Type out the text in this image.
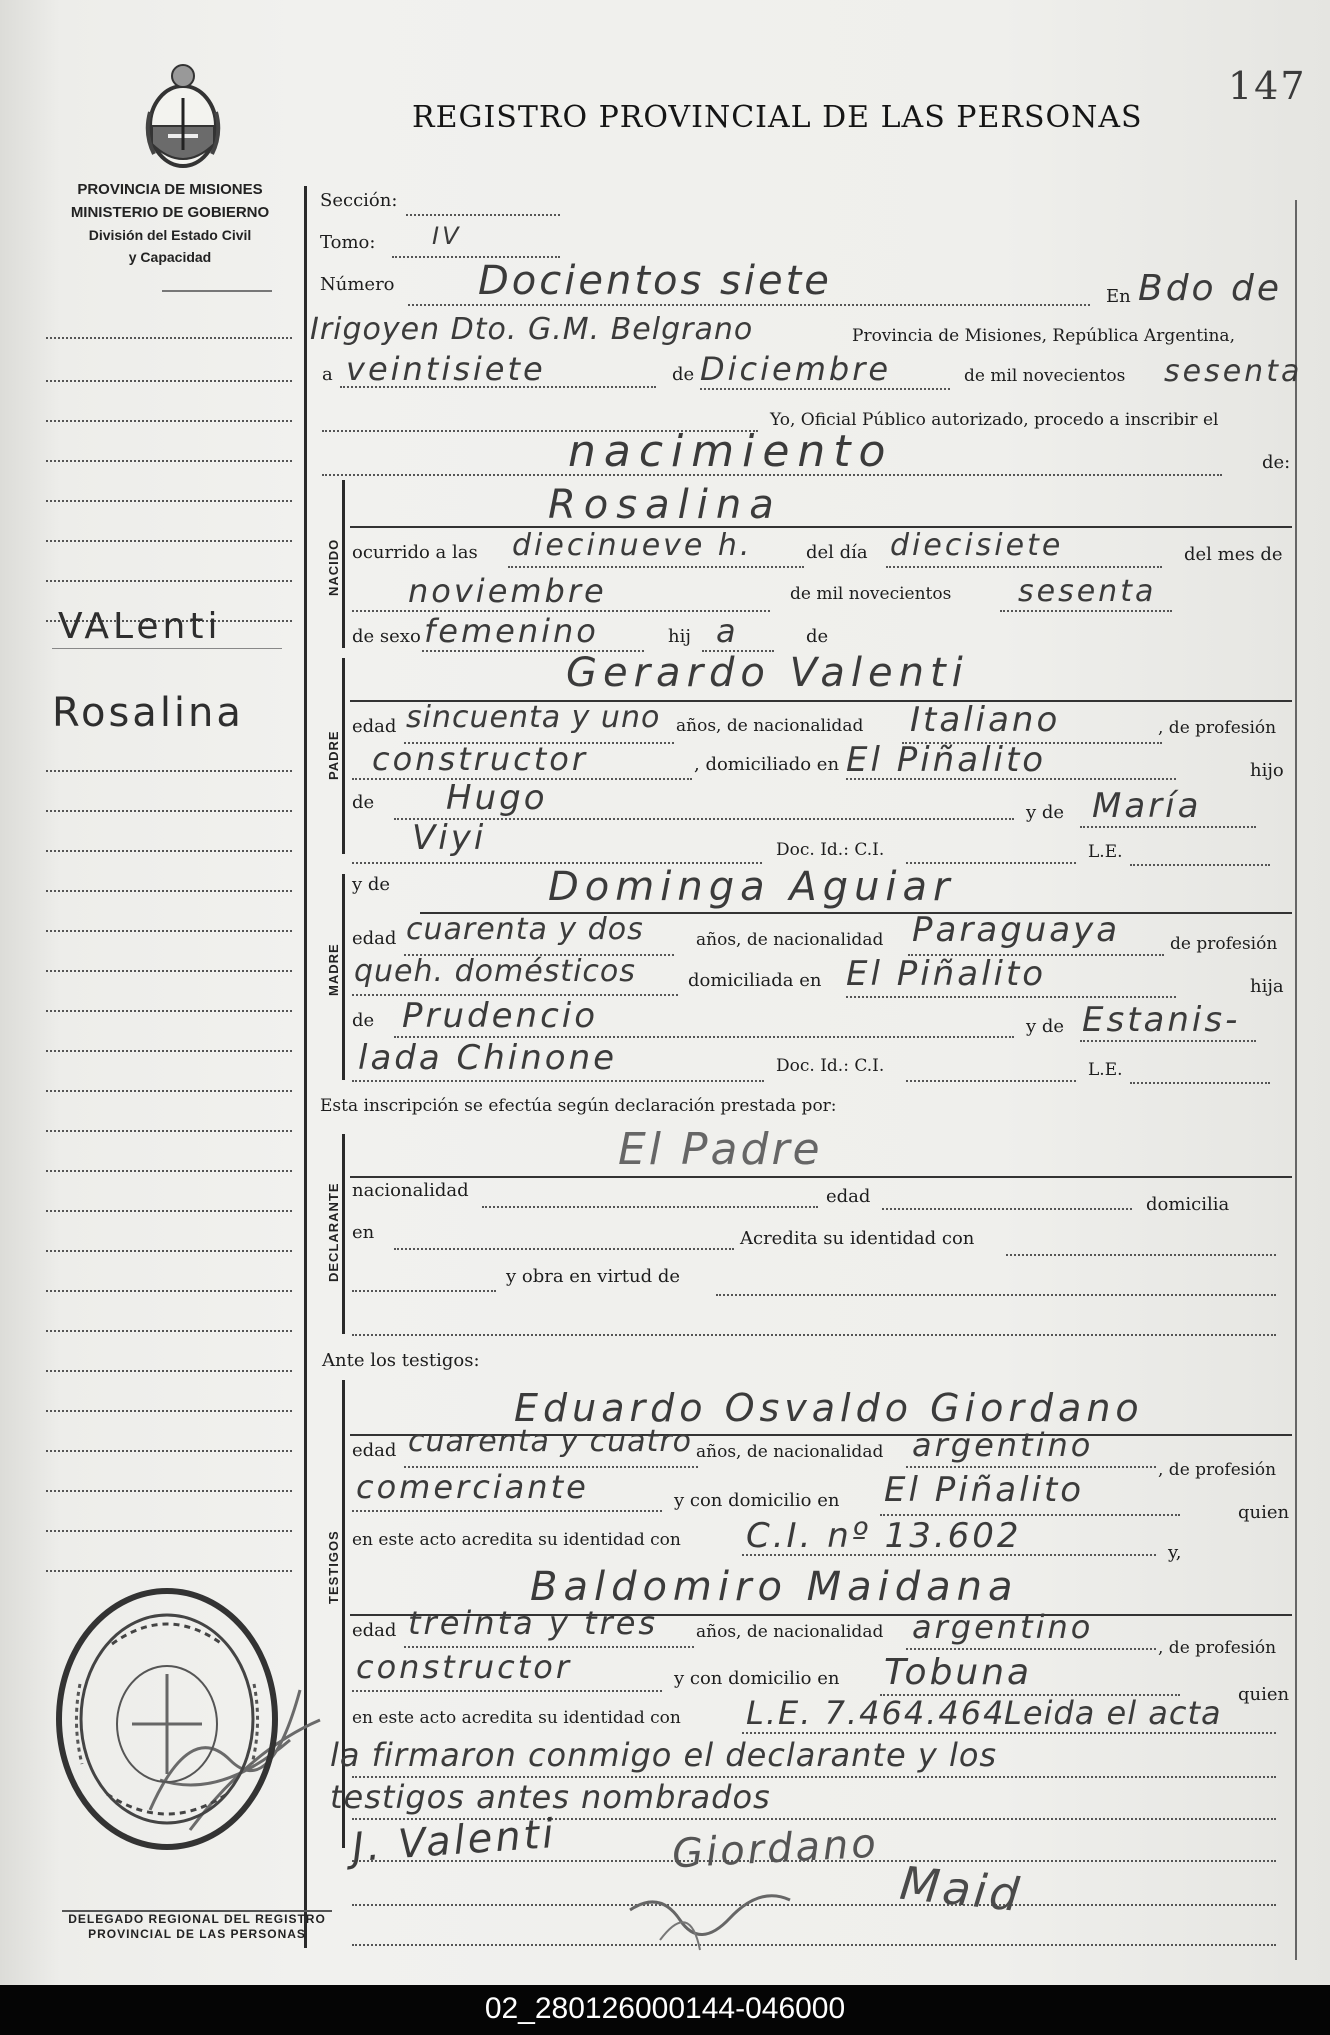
147
REGISTRO PROVINCIAL DE LAS PERSONAS
PROVINCIA DE MISIONES
MINISTERIO DE GOBIERNO
División del Estado Civil
y Capacidad
VALenti
Rosalina
Sección:
Tomo: IV
Número Docientos siete	En Bdo de
Irigoyen Dto. G.M. Belgrano	Provincia de Misiones, República Argentina,
a veintisiete	de Diciembre	de mil novecientos sesenta
Yo, Oficial Público autorizado, procedo a inscribir el
nacimiento	de:
NACIDO
Rosalina
ocurrido a las diecinueve h.	del día diecisiete	del mes de
noviembre	de mil novecientos sesenta
de sexo femenino	hij a	de
PADRE
Gerardo Valenti
edad sincuenta y uno años, de nacionalidad Italiano	, de profesión
constructor	, domiciliado en El Piñalito	hijo
de Hugo	y de María
Viyi	Doc. Id.: C.I.	L.E.
MADRE
y de	Dominga Aguiar
edad cuarenta y dos	años, de nacionalidad Paraguaya	de profesión
queh. domésticos	domiciliada en El Piñalito	hija
de Prudencio	y de Estanis-
lada Chinone	Doc. Id.: C.I.	L.E.
Esta inscripción se efectúa según declaración prestada por:
El Padre
DECLARANTE nacionalidad	edad	domicilia
en	Acredita su identidad con
y obra en virtud de
Ante los testigos:
TESTIGOS
Eduardo Osvaldo Giordano
edad cuarenta y cuatro años, de nacionalidad argentino
, de profesión
comerciante	y con domicilio en El Piñalito
quien
en este acto acredita su identidad con C.I. nº 13.602	y,
Baldomiro Maidana
edad treinta y tres años, de nacionalidad argentino
, de profesión
constructor	y con domicilio en Tobuna
quien
en este acto acredita su identidad con L.E. 7.464.464
Leida el acta
la firmaron conmigo el declarante y los
testigos antes nombrados
J. Valenti	Giordano
Maid
DELEGADO REGIONAL DEL REGISTRO
PROVINCIAL DE LAS PERSONAS
02_280126000144-046000
